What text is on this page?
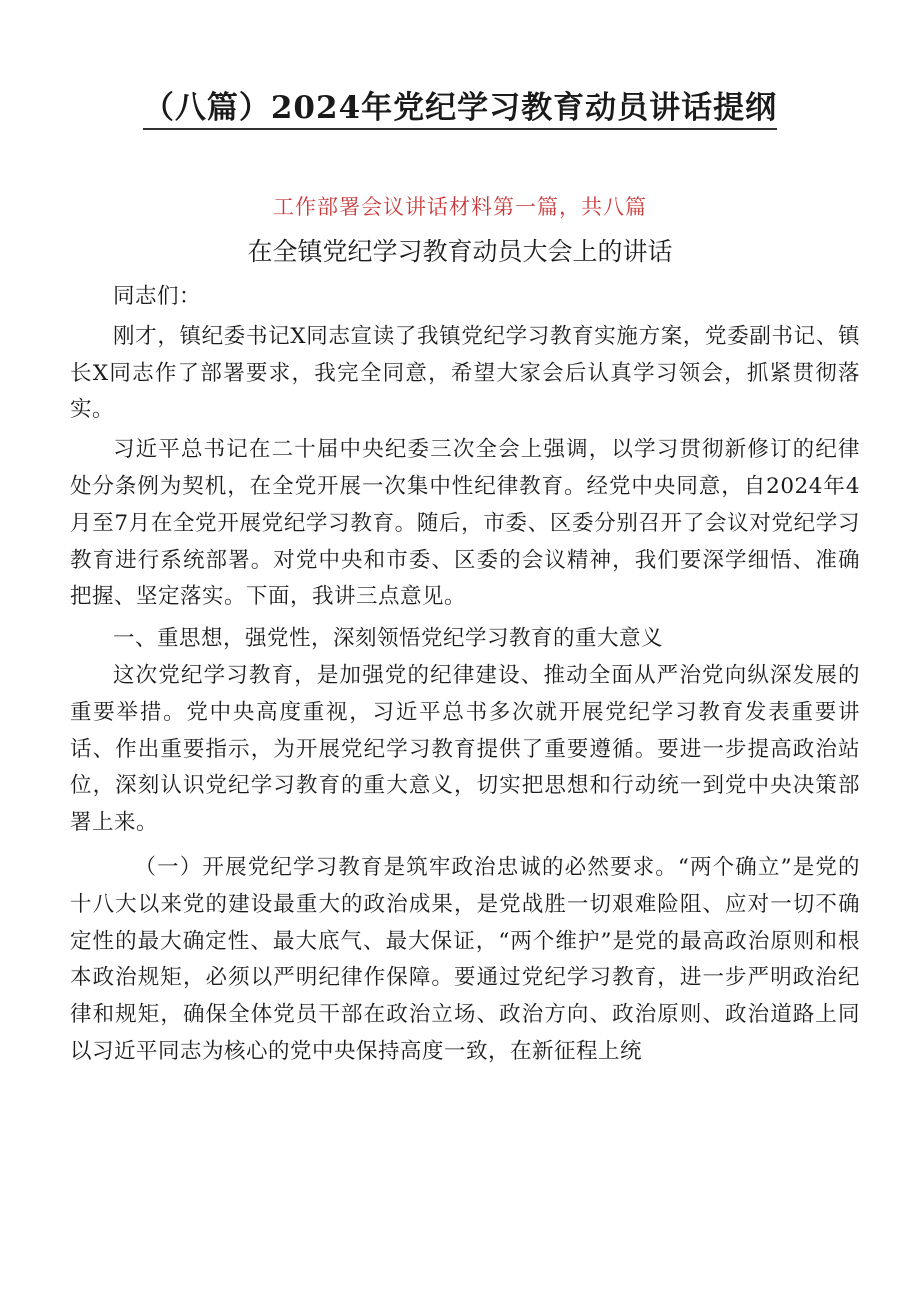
（八篇）2024年党纪学习教育动员讲话提纲
工作部署会议讲话材料第一篇，共八篇
在全镇党纪学习教育动员大会上的讲话

同志们：

刚才，镇纪委书记X同志宣读了我镇党纪学习教育实施方案，党委副书记、镇长X同志作了部署要求，我完全同意，希望大家会后认真学习领会，抓紧贯彻落实。

习近平总书记在二十届中央纪委三次全会上强调，以学习贯彻新修订的纪律处分条例为契机，在全党开展一次集中性纪律教育。经党中央同意，自2024年4月至7月在全党开展党纪学习教育。随后，市委、区委分别召开了会议对党纪学习教育进行系统部署。对党中央和市委、区委的会议精神，我们要深学细悟、准确把握、坚定落实。下面，我讲三点意见。

一、重思想，强党性，深刻领悟党纪学习教育的重大意义

这次党纪学习教育，是加强党的纪律建设、推动全面从严治党向纵深发展的重要举措。党中央高度重视，习近平总书多次就开展党纪学习教育发表重要讲话、作出重要指示，为开展党纪学习教育提供了重要遵循。要进一步提高政治站位，深刻认识党纪学习教育的重大意义，切实把思想和行动统一到党中央决策部署上来。

（一）开展党纪学习教育是筑牢政治忠诚的必然要求。“两个确立”是党的十八大以来党的建设最重大的政治成果，是党战胜一切艰难险阻、应对一切不确定性的最大确定性、最大底气、最大保证，“两个维护”是党的最高政治原则和根本政治规矩，必须以严明纪律作保障。要通过党纪学习教育，进一步严明政治纪律和规矩，确保全体党员干部在政治立场、政治方向、政治原则、政治道路上同以习近平同志为核心的党中央保持高度一致，在新征程上统
